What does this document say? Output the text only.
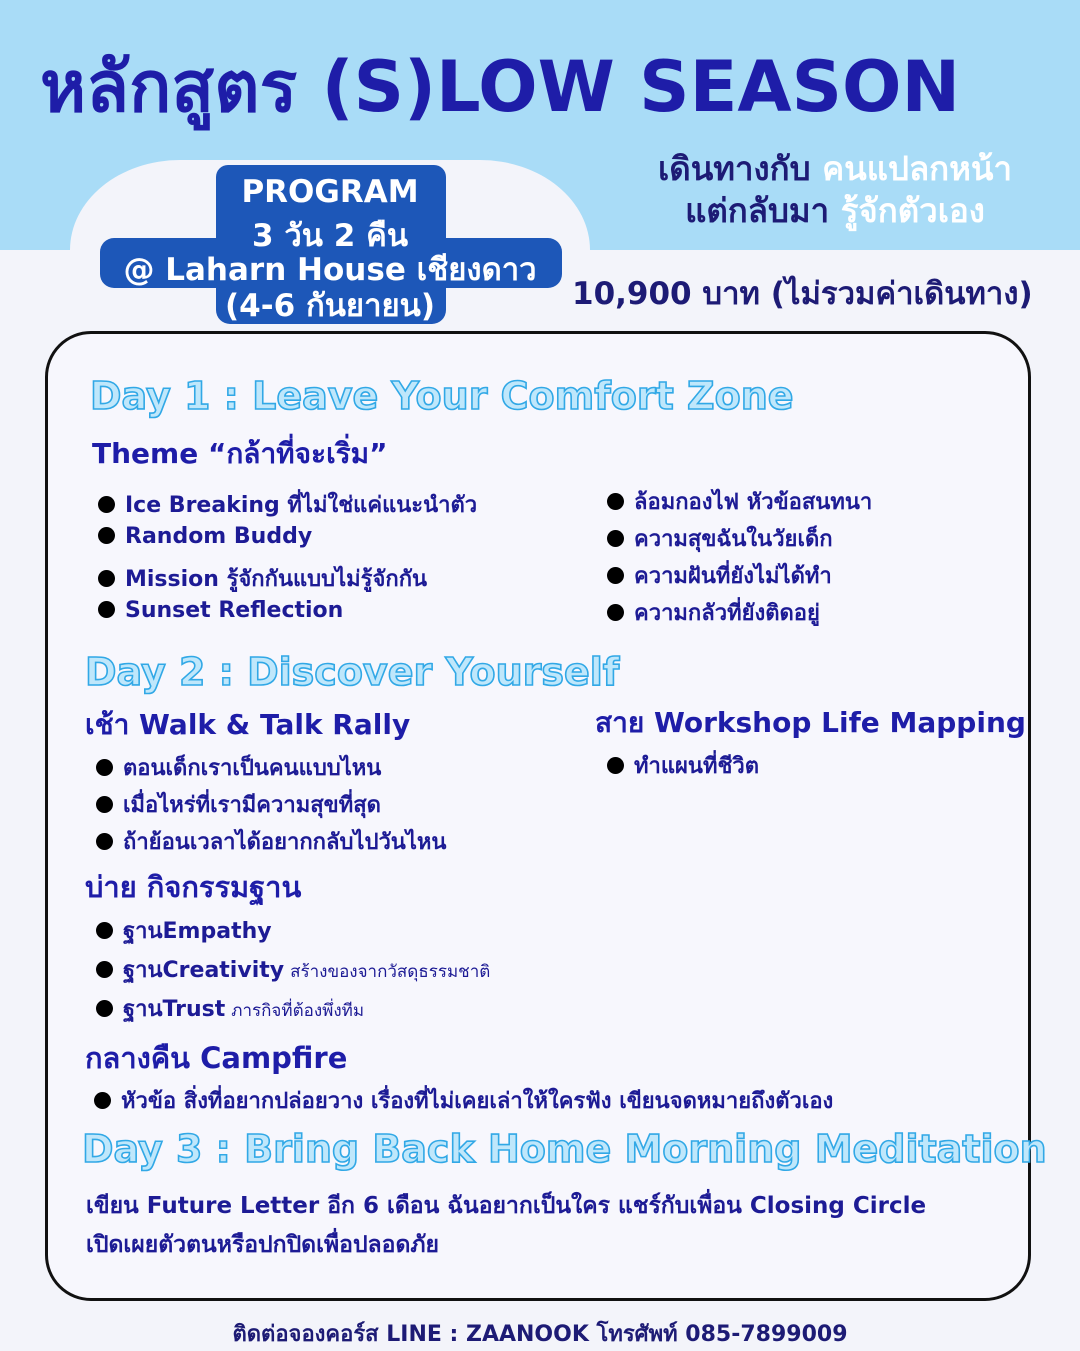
หลักสูตร (S)LOW SEASON
เดินทางกับ คนแปลกหน้า
แต่กลับมา รู้จักตัวเอง
PROGRAM
3 วัน 2 คืน
@ Laharn House เชียงดาว
(4-6 กันยายน)	10,900 บาท (ไม่รวมค่าเดินทาง)
Day 1 : Leave Your Comfort Zone
Theme “กล้าที่จะเริ่ม”
Ice Breaking ที่ไม่ใช่แค่แนะนำตัว
Random Buddy
Mission รู้จักกันแบบไม่รู้จักกัน
Sunset Reflection
ล้อมกองไฟ หัวข้อสนทนา
ความสุขฉันในวัยเด็ก
ความฝันที่ยังไม่ได้ทำ
ความกลัวที่ยังติดอยู่
Day 2 : Discover Yourself
เช้า Walk & Talk Rally	สาย Workshop Life Mapping
ตอนเด็กเราเป็นคนแบบไหน
เมื่อไหร่ที่เรามีความสุขที่สุด
ถ้าย้อนเวลาได้อยากกลับไปวันไหน
ทำแผนที่ชีวิต
บ่าย กิจกรรมฐาน
ฐานEmpathy
ฐานCreativity สร้างของจากวัสดุธรรมชาติ
ฐานTrust ภารกิจที่ต้องพึ่งทีม
กลางคืน Campfire
หัวข้อ สิ่งที่อยากปล่อยวาง เรื่องที่ไม่เคยเล่าให้ใครฟัง เขียนจดหมายถึงตัวเอง
Day 3 : Bring Back Home Morning Meditation
เขียน Future Letter อีก 6 เดือน ฉันอยากเป็นใคร แชร์กับเพื่อน Closing Circle
เปิดเผยตัวตนหรือปกปิดเพื่อปลอดภัย
ติดต่อจองคอร์ส LINE : ZAANOOK โทรศัพท์ 085-7899009
